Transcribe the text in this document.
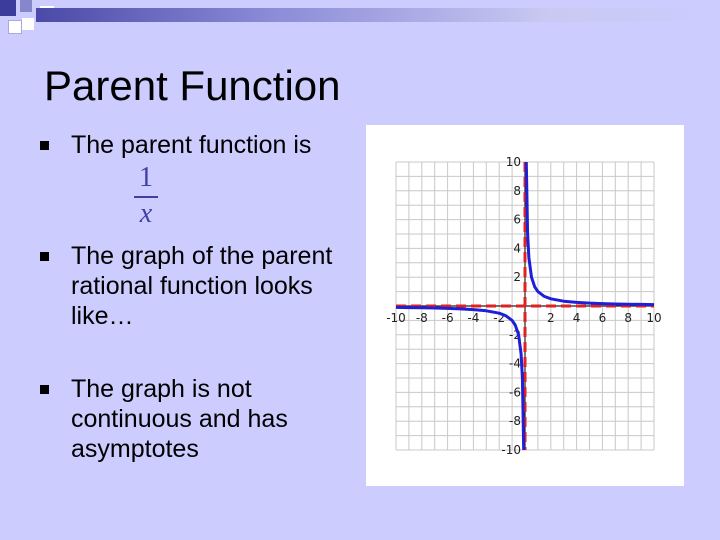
Parent Function
The parent function is
The graph of the parent rational function looks like…
The graph is not continuous and has asymptotes
1
x
-10 -8 -6 -4 -2	2 4 6 8 10
10
8
6
4
2
-2
-4
-6
-8
-10
